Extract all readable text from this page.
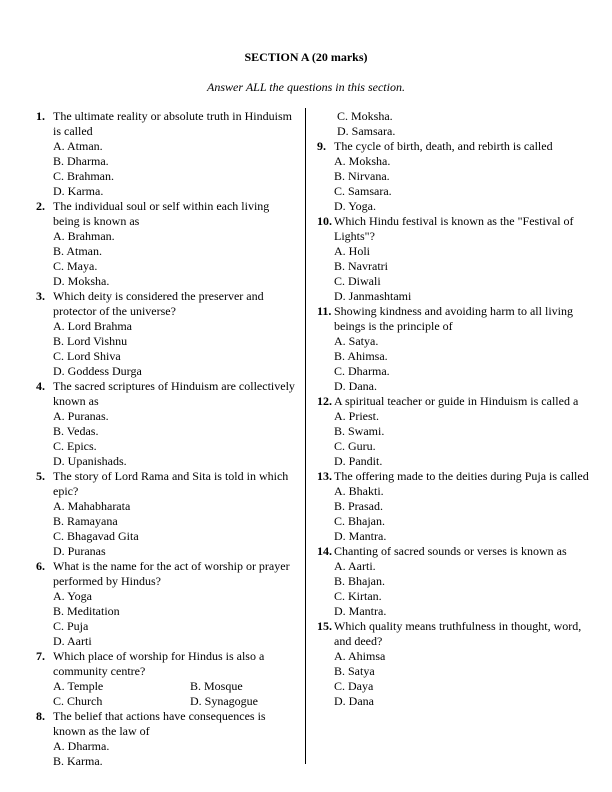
SECTION A (20 marks)
Answer ALL the questions in this section.
1. The ultimate reality or absolute truth in Hinduism is called
A. Atman.
B. Dharma.
C. Brahman.
D. Karma.
2. The individual soul or self within each living being is known as
A. Brahman.
B. Atman.
C. Maya.
D. Moksha.
3. Which deity is considered the preserver and protector of the universe?
A. Lord Brahma
B. Lord Vishnu
C. Lord Shiva
D. Goddess Durga
4. The sacred scriptures of Hinduism are collectively known as
A. Puranas.
B. Vedas.
C. Epics.
D. Upanishads.
5. The story of Lord Rama and Sita is told in which epic?
A. Mahabharata
B. Ramayana
C. Bhagavad Gita
D. Puranas
6. What is the name for the act of worship or prayer performed by Hindus?
A. Yoga
B. Meditation
C. Puja
D. Aarti
7. Which place of worship for Hindus is also a community centre?
A. Temple	B. Mosque
C. Church	D. Synagogue
8. The belief that actions have consequences is known as the law of
A. Dharma.
B. Karma.
C. Moksha.
D. Samsara.
9. The cycle of birth, death, and rebirth is called
A. Moksha.
B. Nirvana.
C. Samsara.
D. Yoga.
10. Which Hindu festival is known as the "Festival of Lights"?
A. Holi
B. Navratri
C. Diwali
D. Janmashtami
11. Showing kindness and avoiding harm to all living beings is the principle of
A. Satya.
B. Ahimsa.
C. Dharma.
D. Dana.
12. A spiritual teacher or guide in Hinduism is called a
A. Priest.
B. Swami.
C. Guru.
D. Pandit.
13. The offering made to the deities during Puja is called
A. Bhakti.
B. Prasad.
C. Bhajan.
D. Mantra.
14. Chanting of sacred sounds or verses is known as
A. Aarti.
B. Bhajan.
C. Kirtan.
D. Mantra.
15. Which quality means truthfulness in thought, word, and deed?
A. Ahimsa
B. Satya
C. Daya
D. Dana
